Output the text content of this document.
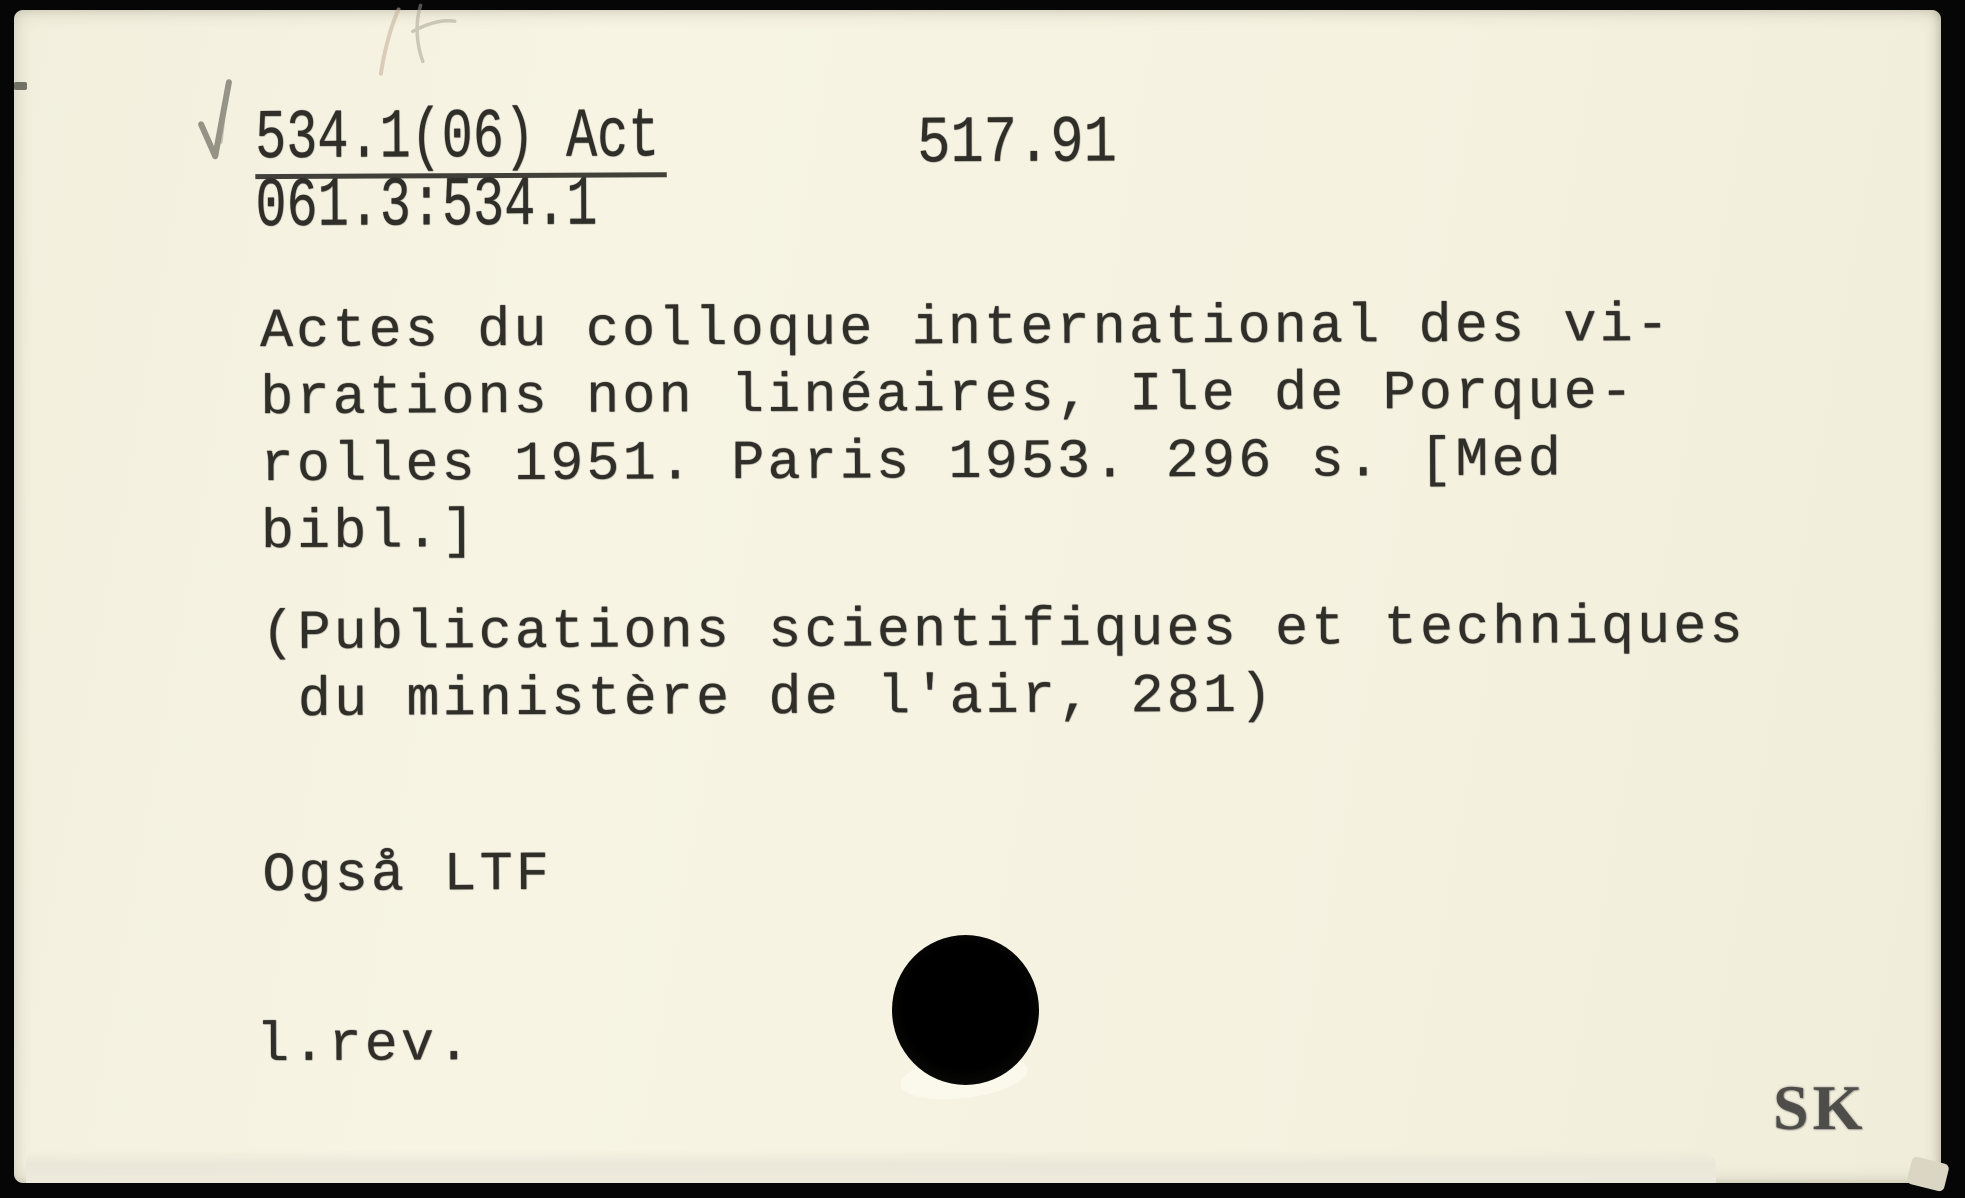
534.1(06) Act
061.3:534.1
517.91
Actes du colloque international des vi-
brations non linéaires, Ile de Porque-
rolles 1951. Paris 1953. 296 s. [Med
bibl.]
(Publications scientifiques et techniques
du ministère de l'air, 281)
Også LTF
l.rev.
SK
